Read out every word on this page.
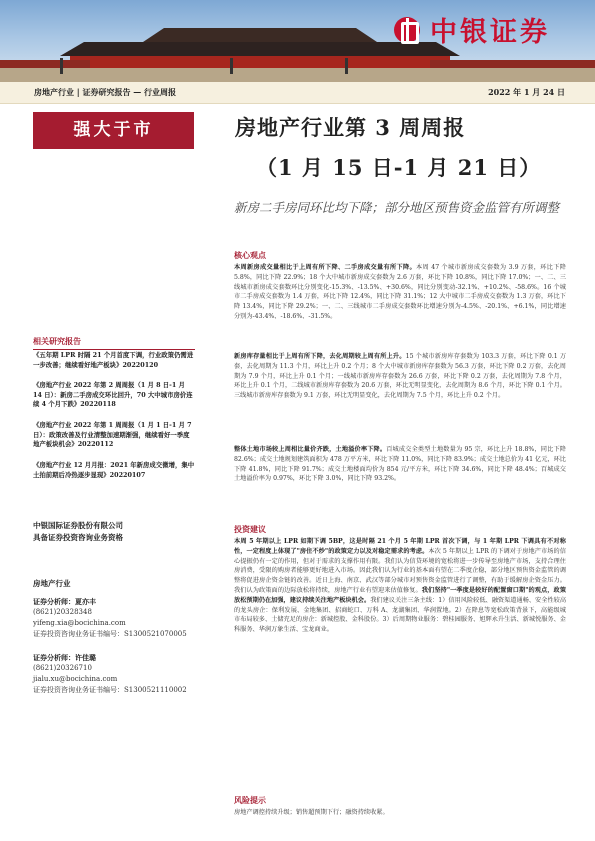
中银证券
房地产行业 | 证券研究报告 — 行业周报	2022 年 1 月 24 日
强大于市	房地产行业第 3 周周报
（1 月 15 日-1 月 21 日）
新房二手房同环比均下降；部分地区预售资金监管有所调整
核心观点
本周新房成交量相比于上周有所下降、二手房成交量有所下降。本周 47 个城市新房成交套数为 3.9 万套，环比下降 5.8%，同比下降 22.9%；18 个大中城市新房成交套数为 2.6 万套，环比下降 10.8%，同比下降 17.0%；一、二、三线城市新房成交套数环比分别变化-15.3%、-13.5%、+30.6%，同比分别变动-32.1%、+10.2%、-58.6%。16 个城市二手房成交套数为 1.4 万套，环比下降 12.4%，同比下降 31.1%；12 大中城市二手房成交套数为 1.3 万套，环比下降 13.4%，同比下降 29.2%；一、二、三线城市二手房成交套数环比增速分别为-4.5%、-20.1%、+6.1%，同比增速分别为-43.4%、-18.6%、-31.5%。
新房库存量相比于上周有所下降，去化周期较上周有所上升。15 个城市新房库存套数为 103.3 万套，环比下降 0.1 万套，去化周期为 11.3 个月，环比上升 0.2 个月；8 个大中城市新房库存套数为 56.3 万套，环比下降 0.2 万套，去化周期为 7.9 个月，环比上升 0.1 个月；一线城市新房库存套数为 26.6 万套，环比下降 0.2 万套，去化周期为 7.8 个月，环比上升 0.1 个月，二线城市新房库存套数为 20.6 万套，环比无明显变化，去化周期为 8.6 个月，环比下降 0.1 个月。三线城市新房库存套数为 9.1 万套，环比无明显变化，去化周期为 7.5 个月，环比上升 0.2 个月。
整体土地市场较上周相比量价齐跌，土地溢价率下降。百城成交全类型土地数量为 95 宗，环比上升 18.8%，同比下降 82.6%；成交土地规划建筑面积为 478 万平方米，环比下降 11.0%，同比下降 83.9%；成交土地总价为 41 亿元，环比下降 41.8%，同比下降 91.7%；成交土地楼面均价为 854 元/平方米，环比下降 34.6%，同比下降 48.4%；百城成交土地溢价率为 0.97%，环比下降 3.0%，同比下降 93.2%。
投资建议
本周 5 年期以上 LPR 如期下调 5BP，这是时隔 21 个月 5 年期 LPR 首次下调，与 1 年期 LPR 下调具有不对称性，一定程度上体现了"房住不炒"的政策定力以及对稳定需求的考虑。本次 5 年期以上 LPR 的下调对于房地产市场的信心提振仍有一定的作用，但对于需求的支撑作用有限。我们认为信贷环境的宽松将进一步传导至房地产市场，支持合理住房消费，受限的购房者能够更好地进入市场。因此我们认为行业的基本面有望在二季度企稳，部分地区预售资金监管的调整将促进房企资金链的改善。近日上海、南京、武汉等部分城市对预售资金监管进行了调整，有助于缓解房企资金压力。我们认为政策面的边际放松将持续，房地产行业有望迎来估值修复。我们坚持"一季度是较好的配置窗口期"的观点，政策放松预期仍在加强，建议持续关注地产板块机会。我们建议关注三条主线：1）信用风险较低、融资渠道通畅、安全性较高的龙头房企：保利发展、金地集团、招商蛇口、万科 A、龙湖集团、华润置地。2）在降息等宽松政策背景下，高能级城市布局较多、土储充足的房企：新城控股、金科股份。3）后周期物业服务：碧桂园服务、旭辉永升生活、新城悦服务、金科服务、华润万象生活、宝龙商业。
风险提示
房地产调控持续升级；销售超预期下行；融资持续收紧。
相关研究报告
《五年期 LPR 时隔 21 个月首度下调，行业政策仍需进一步改善；继续看好地产板块》20220120
《房地产行业 2022 年第 2 周周报（1 月 8 日-1 月 14 日）：新房二手房成交环比回升，70 大中城市房价连续 4 个月下跌》20220118
《房地产行业 2022 年第 1 周周报（1 月 1 日-1 月 7 日）：政策改善及行业清整加速期渐强，继续看好一季度地产板块机会》20220112
《房地产行业 12 月月报：2021 年新房成交微增，集中土拍前期后冷热逐步显现》20220107
中银国际证券股份有限公司
具备证券投资咨询业务资格
房地产行业
证券分析师：夏亦丰
(8621)20328348
yifeng.xia@bocichina.com
证券投资咨询业务证书编号：S1300521070005
证券分析师：许佳璐
(8621)20326710
jialu.xu@bocichina.com
证券投资咨询业务证书编号：S1300521110002
